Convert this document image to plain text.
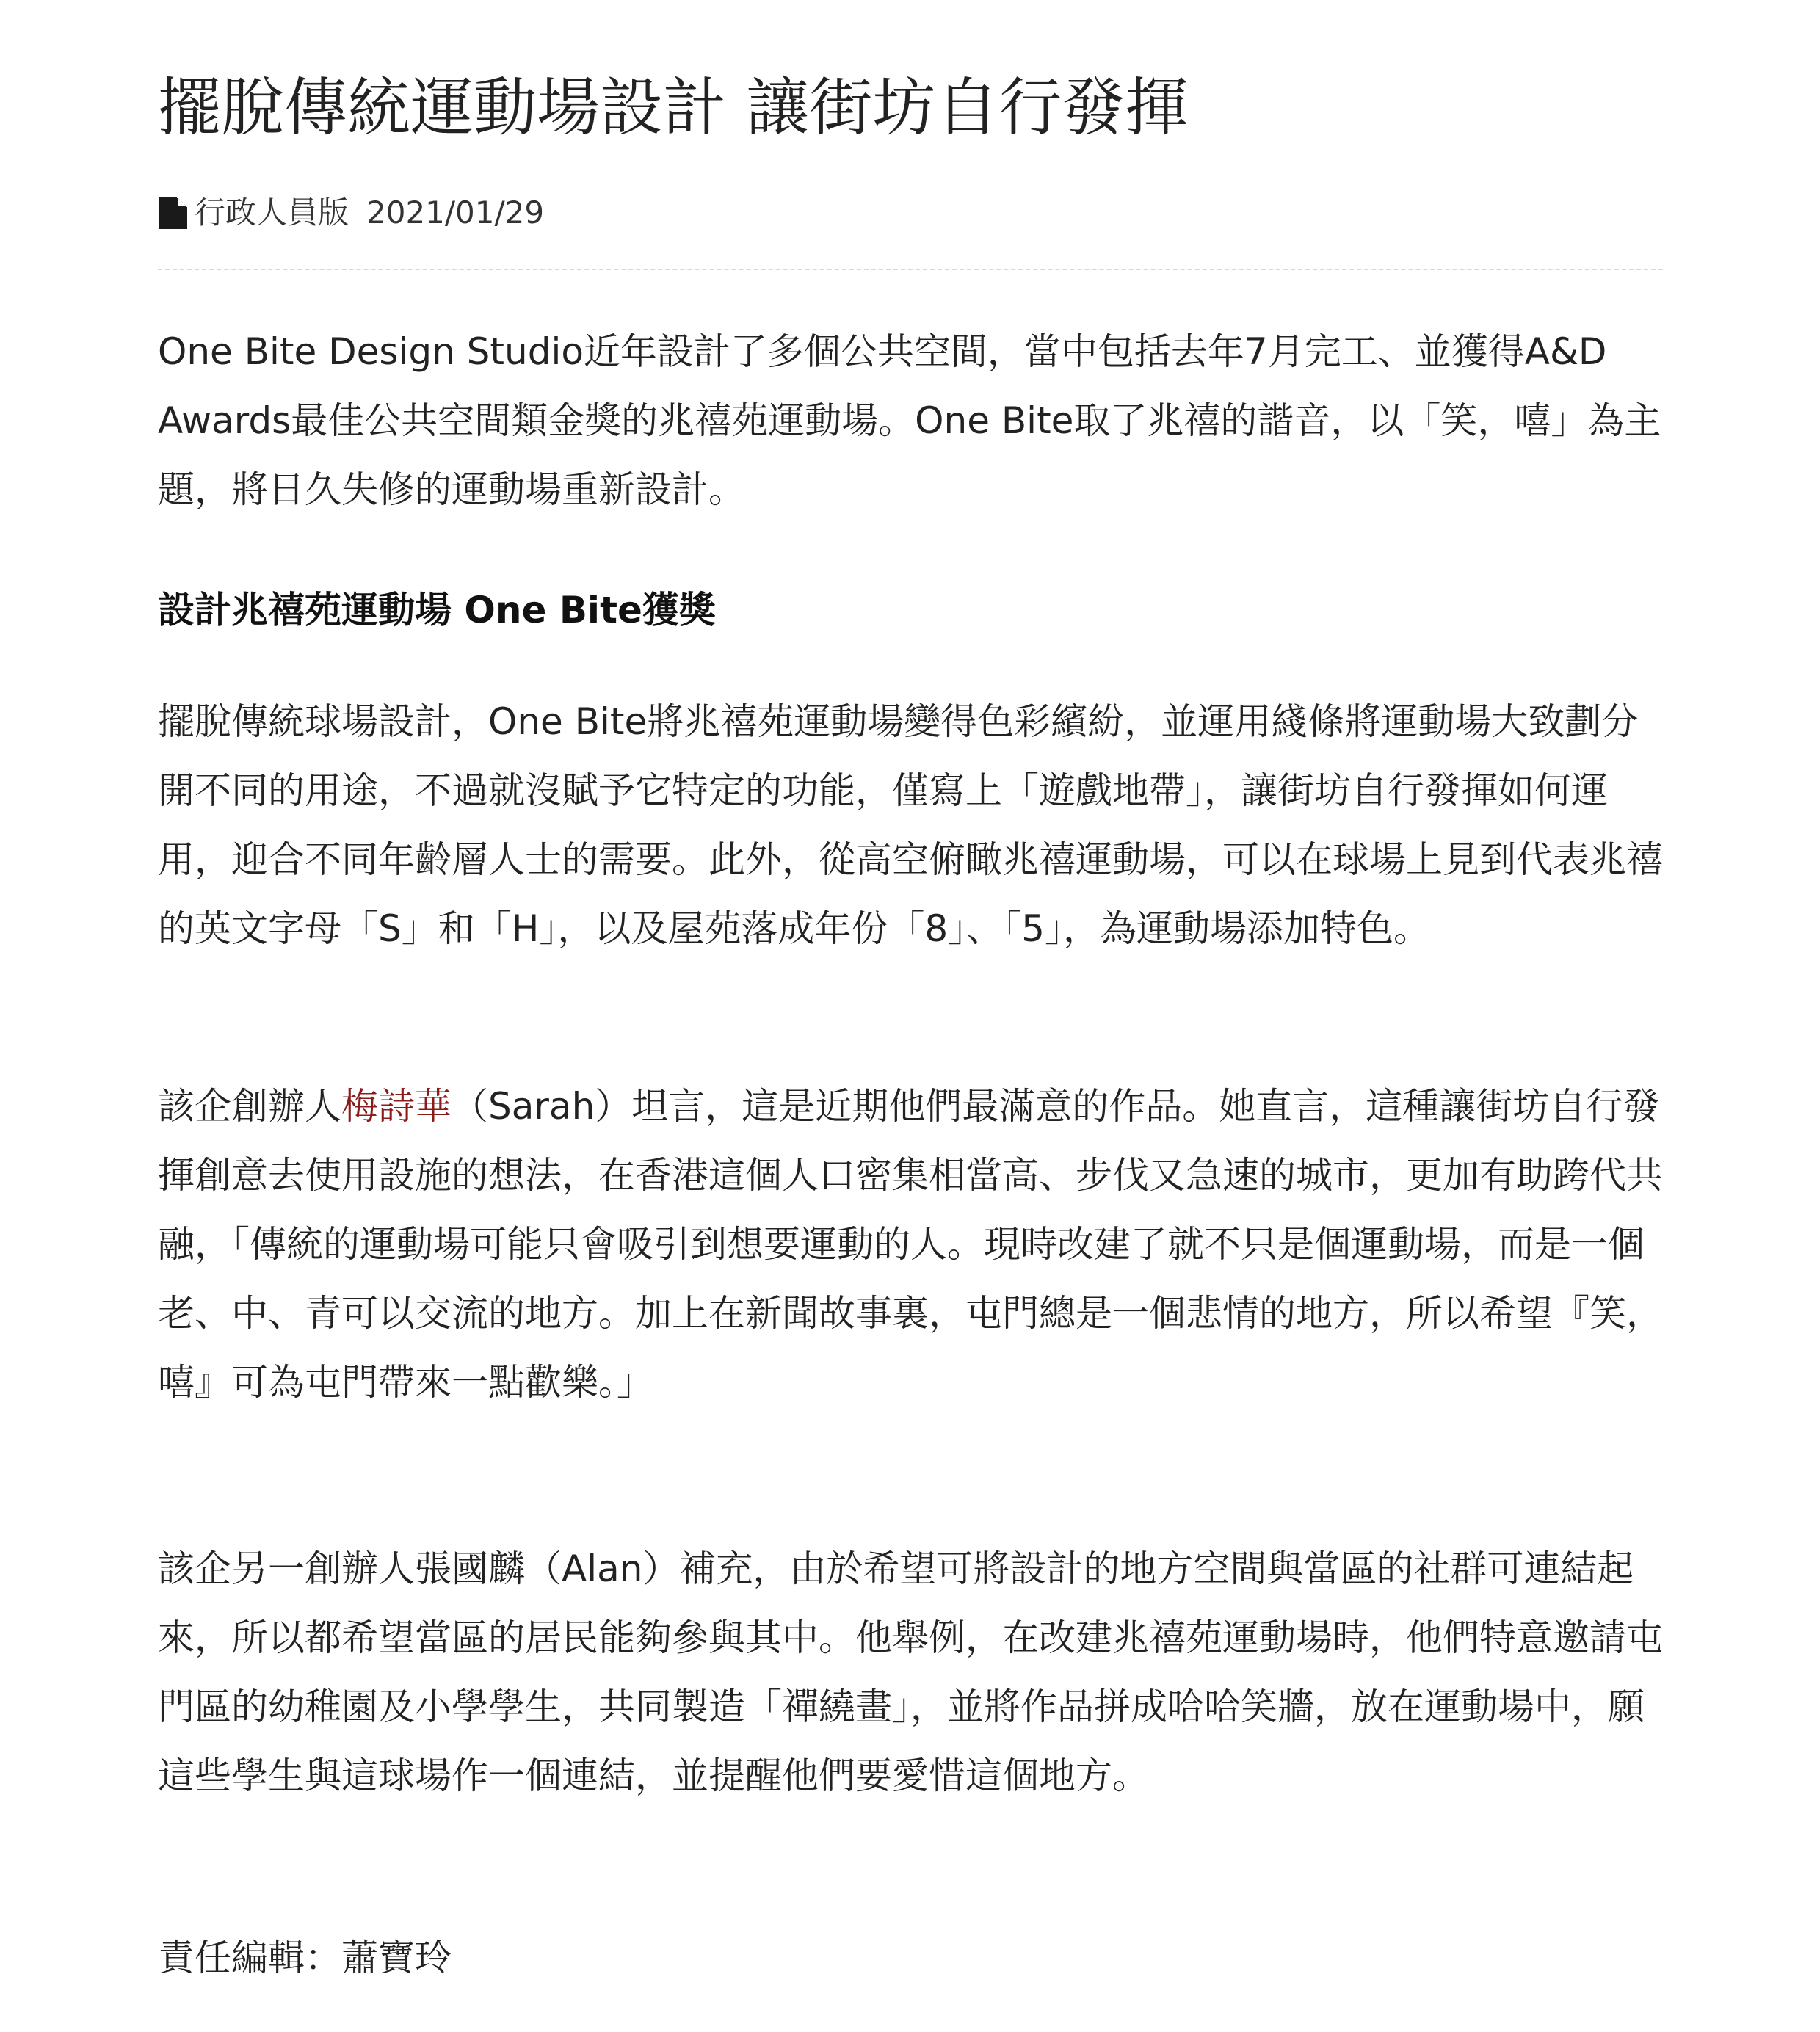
擺脫傳統運動場設計 讓街坊自行發揮
行政人員版 2021/01/29

One Bite Design Studio近年設計了多個公共空間，當中包括去年7月完工、並獲得A&D Awards最佳公共空間類金獎的兆禧苑運動場。One Bite取了兆禧的諧音，以「笑，嘻」為主題，將日久失修的運動場重新設計。

設計兆禧苑運動場 One Bite獲獎

擺脫傳統球場設計，One Bite將兆禧苑運動場變得色彩繽紛，並運用綫條將運動場大致劃分開不同的用途，不過就沒賦予它特定的功能，僅寫上「遊戲地帶」，讓街坊自行發揮如何運用，迎合不同年齡層人士的需要。此外，從高空俯瞰兆禧運動場，可以在球場上見到代表兆禧的英文字母「S」和「H」，以及屋苑落成年份「8」、「5」，為運動場添加特色。

該企創辦人梅詩華（Sarah）坦言，這是近期他們最滿意的作品。她直言，這種讓街坊自行發揮創意去使用設施的想法，在香港這個人口密集相當高、步伐又急速的城市，更加有助跨代共融，「傳統的運動場可能只會吸引到想要運動的人。現時改建了就不只是個運動場，而是一個老、中、青可以交流的地方。加上在新聞故事裏，屯門總是一個悲情的地方，所以希望『笑，嘻』可為屯門帶來一點歡樂。」

該企另一創辦人張國麟（Alan）補充，由於希望可將設計的地方空間與當區的社群可連結起來，所以都希望當區的居民能夠參與其中。他舉例，在改建兆禧苑運動場時，他們特意邀請屯門區的幼稚園及小學學生，共同製造「禪繞畫」，並將作品拼成哈哈笑牆，放在運動場中，願這些學生與這球場作一個連結，並提醒他們要愛惜這個地方。

責任編輯：蕭寶玲
